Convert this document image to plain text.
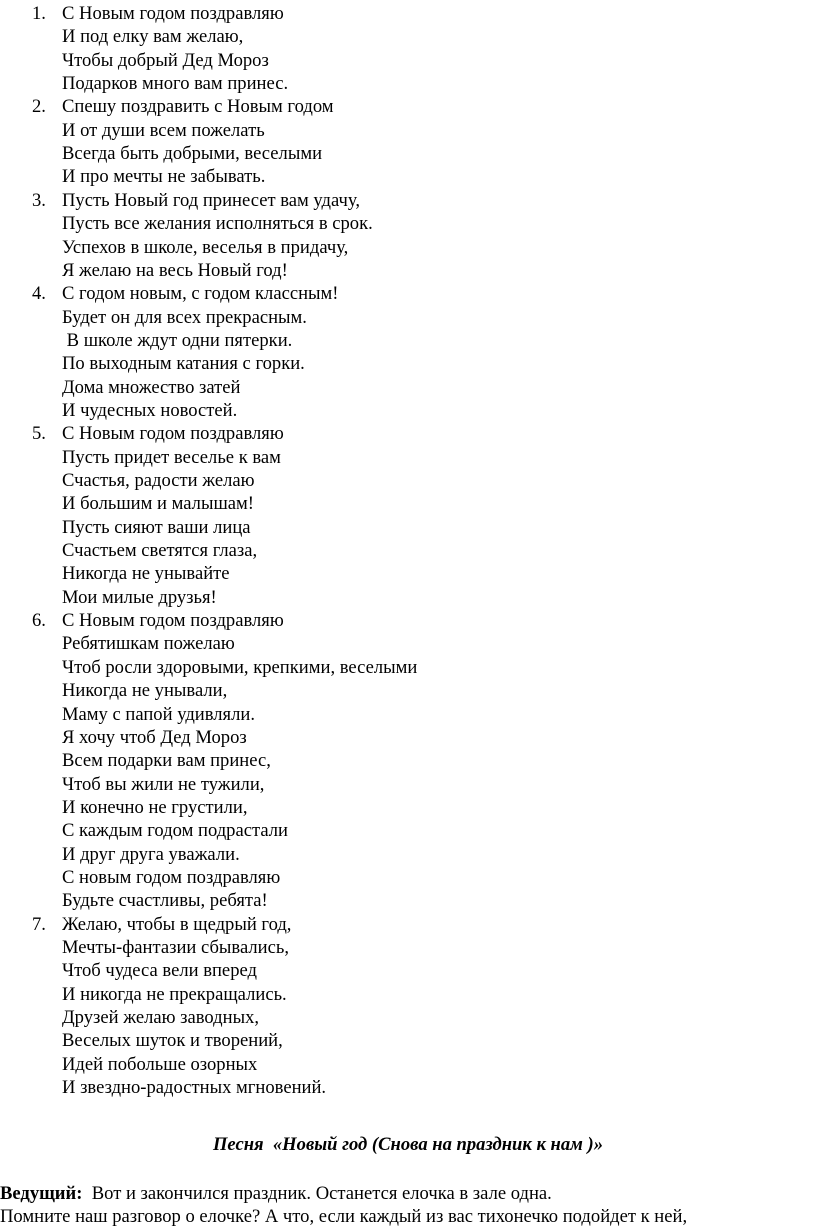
1. С Новым годом поздравляю
И под елку вам желаю,
Чтобы добрый Дед Мороз
Подарков много вам принес.
2. Спешу поздравить с Новым годом
И от души всем пожелать
Всегда быть добрыми, веселыми
И про мечты не забывать.
3. Пусть Новый год принесет вам удачу,
Пусть все желания исполняться в срок.
Успехов в школе, веселья в придачу,
Я желаю на весь Новый год!
4. С годом новым, с годом классным!
Будет он для всех прекрасным.
В школе ждут одни пятерки.
По выходным катания с горки.
Дома множество затей
И чудесных новостей.
5. С Новым годом поздравляю
Пусть придет веселье к вам
Счастья, радости желаю
И большим и малышам!
Пусть сияют ваши лица
Счастьем светятся глаза,
Никогда не унывайте
Мои милые друзья!
6. С Новым годом поздравляю
Ребятишкам пожелаю
Чтоб росли здоровыми, крепкими, веселыми
Никогда не унывали,
Маму с папой удивляли.
Я хочу чтоб Дед Мороз
Всем подарки вам принес,
Чтоб вы жили не тужили,
И конечно не грустили,
С каждым годом подрастали
И друг друга уважали.
С новым годом поздравляю
Будьте счастливы, ребята!
7. Желаю, чтобы в щедрый год,
Мечты-фантазии сбывались,
Чтоб чудеса вели вперед
И никогда не прекращались.
Друзей желаю заводных,
Веселых шуток и творений,
Идей побольше озорных
И звездно-радостных мгновений.
Песня  «Новый год (Снова на праздник к нам )»
Ведущий:  Вот и закончился праздник. Останется елочка в зале одна.
Помните наш разговор о елочке? А что, если каждый из вас тихонечко подойдет к ней,
